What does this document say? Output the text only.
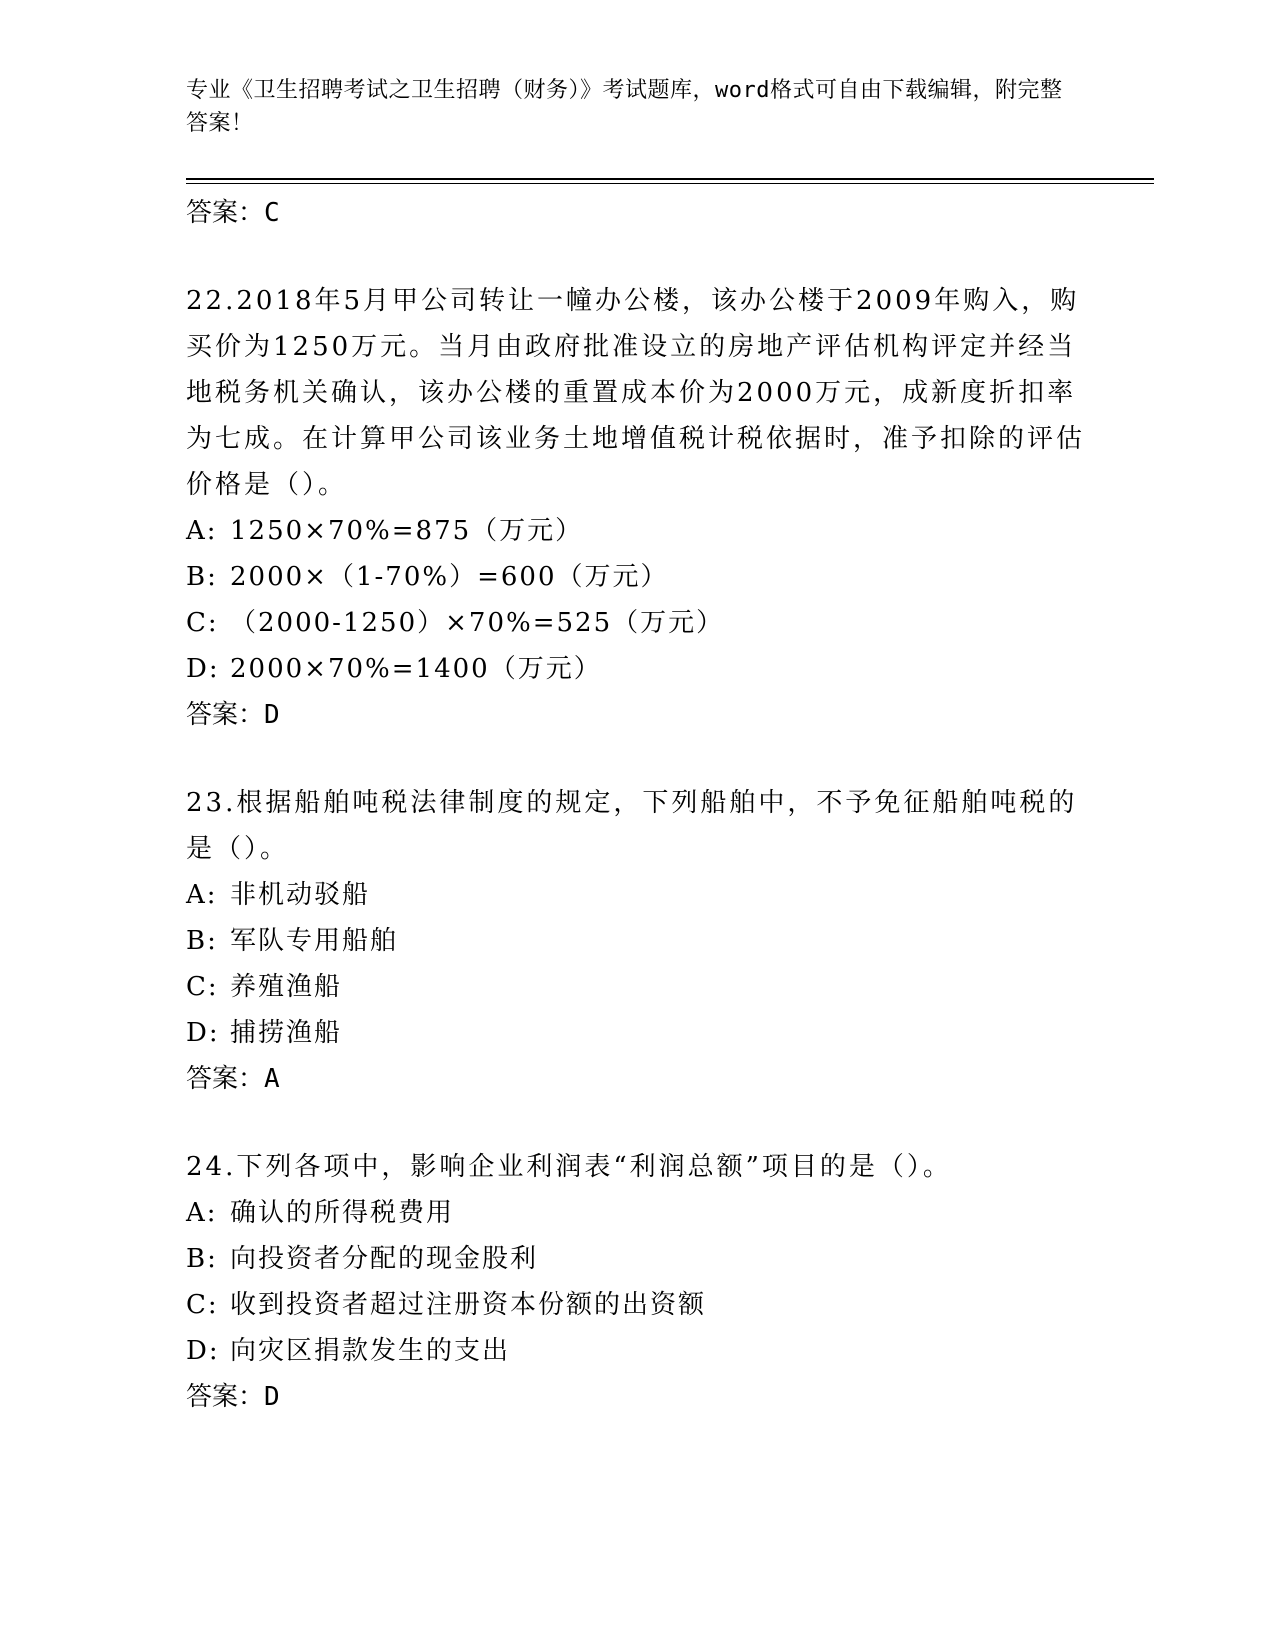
专业《卫生招聘考试之卫生招聘（财务）》考试题库，word格式可自由下载编辑，附完整答案！

答案：C

22.2018年5月甲公司转让一幢办公楼，该办公楼于2009年购入，购买价为1250万元。当月由政府批准设立的房地产评估机构评定并经当地税务机关确认，该办公楼的重置成本价为2000万元，成新度折扣率为七成。在计算甲公司该业务土地增值税计税依据时，准予扣除的评估价格是（）。

A: 1250×70%=875（万元）
B: 2000×（1-70%）=600（万元）
C: （2000-1250）×70%=525（万元）
D: 2000×70%=1400（万元）

答案：D

23.根据船舶吨税法律制度的规定，下列船舶中，不予免征船舶吨税的是（）。

A: 非机动驳船
B: 军队专用船舶
C: 养殖渔船
D: 捕捞渔船

答案：A

24.下列各项中，影响企业利润表“利润总额”项目的是（）。

A: 确认的所得税费用
B: 向投资者分配的现金股利
C: 收到投资者超过注册资本份额的出资额
D: 向灾区捐款发生的支出

答案：D
